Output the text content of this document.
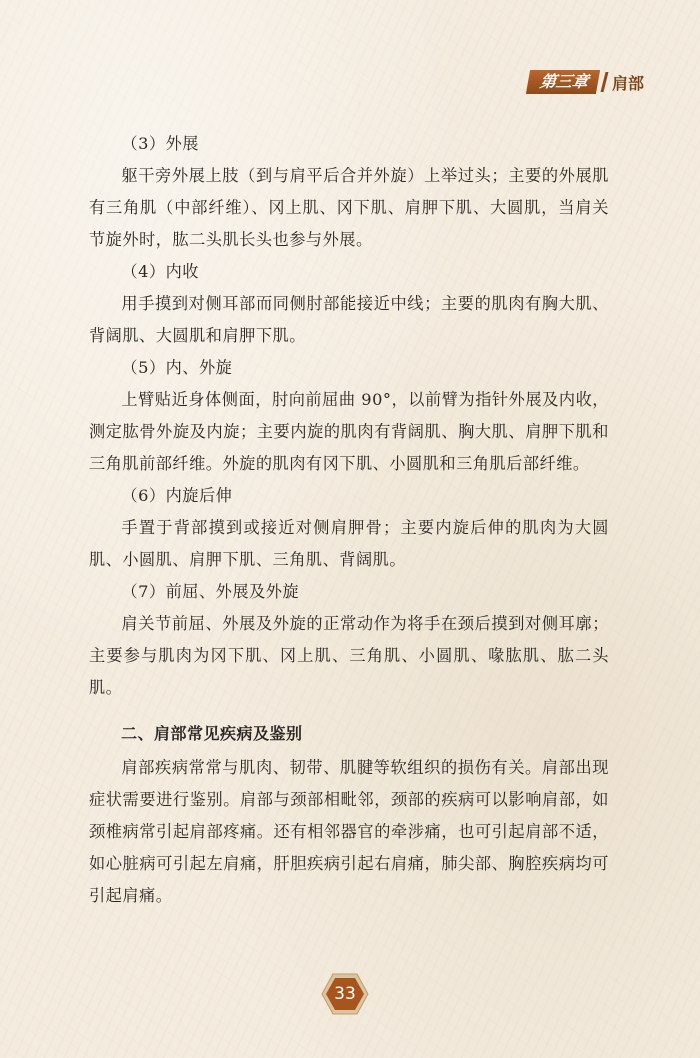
第三章	肩部

（3）外展

躯干旁外展上肢（到与肩平后合并外旋）上举过头；主要的外展肌有三角肌（中部纤维）、冈上肌、冈下肌、肩胛下肌、大圆肌，当肩关节旋外时，肱二头肌长头也参与外展。

（4）内收

用手摸到对侧耳部而同侧肘部能接近中线；主要的肌肉有胸大肌、背阔肌、大圆肌和肩胛下肌。

（5）内、外旋

上臂贴近身体侧面，肘向前屈曲 90°，以前臂为指针外展及内收，测定肱骨外旋及内旋；主要内旋的肌肉有背阔肌、胸大肌、肩胛下肌和三角肌前部纤维。外旋的肌肉有冈下肌、小圆肌和三角肌后部纤维。

（6）内旋后伸

手置于背部摸到或接近对侧肩胛骨；主要内旋后伸的肌肉为大圆肌、小圆肌、肩胛下肌、三角肌、背阔肌。

（7）前屈、外展及外旋

肩关节前屈、外展及外旋的正常动作为将手在颈后摸到对侧耳廓；主要参与肌肉为冈下肌、冈上肌、三角肌、小圆肌、喙肱肌、肱二头肌。

二、肩部常见疾病及鉴别

肩部疾病常常与肌肉、韧带、肌腱等软组织的损伤有关。肩部出现症状需要进行鉴别。肩部与颈部相毗邻，颈部的疾病可以影响肩部，如颈椎病常引起肩部疼痛。还有相邻器官的牵涉痛，也可引起肩部不适，如心脏病可引起左肩痛，肝胆疾病引起右肩痛，肺尖部、胸腔疾病均可引起肩痛。

33
